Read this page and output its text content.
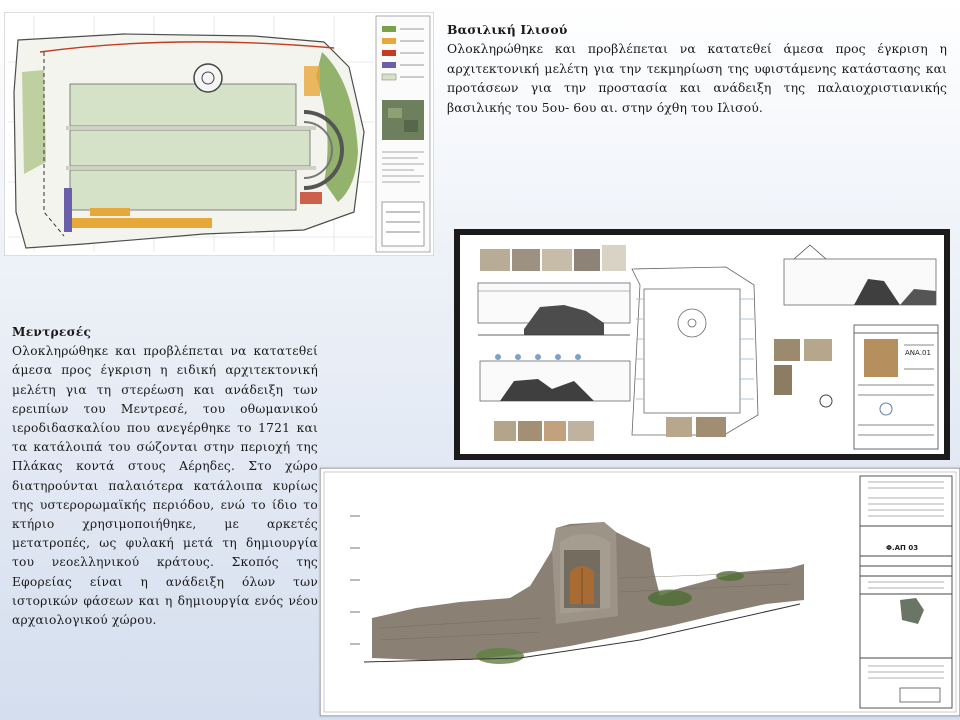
Βασιλική Ιλισού

Ολοκληρώθηκε και προβλέπεται να κατατεθεί άμεσα προς έγκριση η αρχιτεκτονική μελέτη για την τεκμηρίωση της υφιστάμενης κατάστασης και προτάσεων για την προστασία και ανάδειξη της παλαιοχριστιανικής βασιλικής του 5ου- 6ου αι. στην όχθη του Ιλισού.

ΑΝΑ.01
Φ.ΑΠ 03

Μεντρεσές

Ολοκληρώθηκε και προβλέπεται να κατατεθεί άμεσα προς έγκριση η ειδική αρχιτεκτονική μελέτη για τη στερέωση και ανάδειξη των ερειπίων του Μεντρεσέ, του οθωμανικού ιεροδιδασκαλίου που ανεγέρθηκε το 1721 και τα κατάλοιπά του σώζονται στην περιοχή της Πλάκας κοντά στους Αέρηδες. Στο χώρο διατηρούνται παλαιότερα κατάλοιπα κυρίως της υστερορωμαϊκής περιόδου, ενώ το ίδιο το κτήριο χρησιμοποιήθηκε, με αρκετές μετατροπές, ως φυλακή μετά τη δημιουργία του νεοελληνικού κράτους. Σκοπός της Εφορείας είναι η ανάδειξη όλων των ιστορικών φάσεων και η δημιουργία ενός νέου αρχαιολογικού χώρου.
